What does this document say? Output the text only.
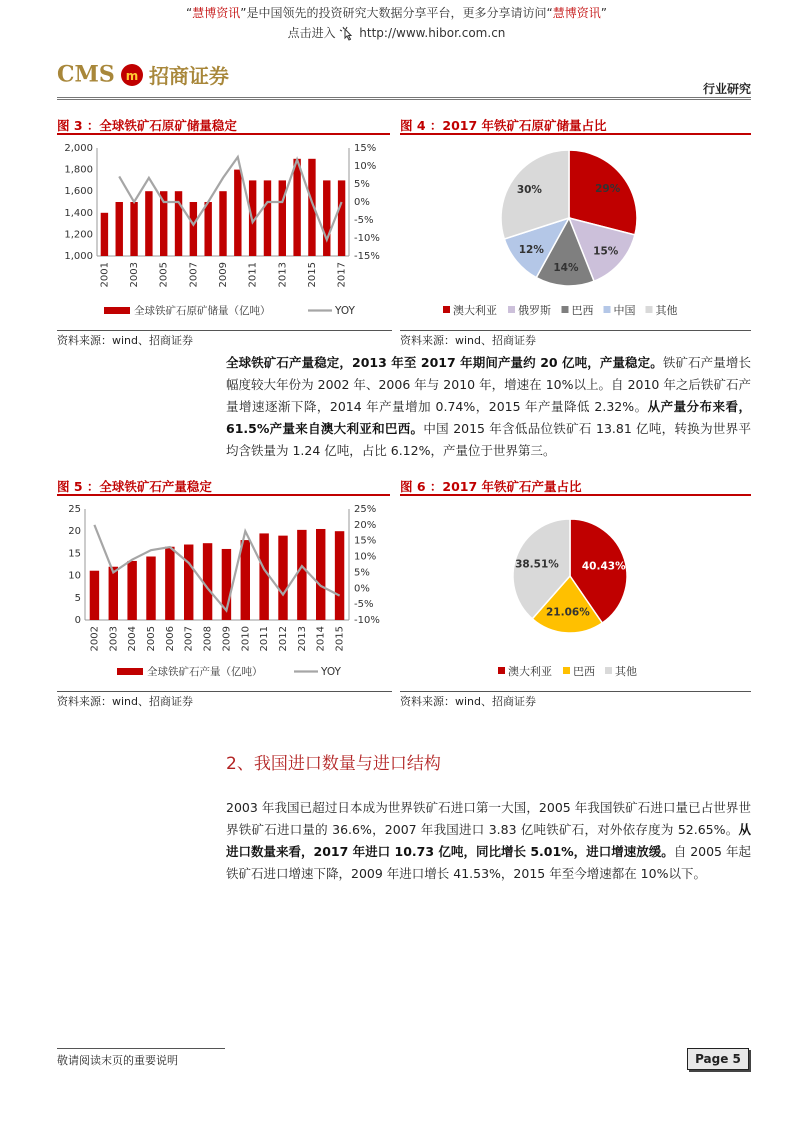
“慧博资讯”是中国领先的投资研究大数据分享平台，更多分享请访问“慧博资讯”
点击进入 http://www.hibor.com.cn
CMS m 招商证券
行业研究
图 3 ：全球铁矿石原矿储量稳定
1,000
1,200
1,400
1,600
1,800
2,000	15%
10%
5%
0%
-5%
-10%
-15%
2001 2003 2005 2007 2009 2011 2013 2015 2017
全球铁矿石原矿储量（亿吨）	YOY
资料来源：wind、招商证券
图 4 ：2017 年铁矿石原矿储量占比
29%
15%
14%
12%
30%
澳大利亚 俄罗斯 巴西 中国 其他
资料来源：wind、招商证券
全球铁矿石产量稳定，2013 年至 2017 年期间产量约 20 亿吨，产量稳定。铁矿石产量增长幅度较大年份为 2002 年、2006 年与 2010 年，增速在 10%以上。自 2010 年之后铁矿石产量增速逐渐下降，2014 年产量增加 0.74%，2015 年产量降低 2.32%。从产量分布来看，61.5%产量来自澳大利亚和巴西。中国 2015 年含低品位铁矿石 13.81 亿吨，转换为世界平均含铁量为 1.24 亿吨，占比 6.12%，产量位于世界第三。
图 5 ：全球铁矿石产量稳定
0
5
10
15
20
25	25%
20%
15%
10%
5%
0%
-5%
-10%
2002 2003 2004 2005 2006 2007 2008 2009 2010 2011 2012 2013 2014 2015
全球铁矿石产量（亿吨）	YOY
资料来源：wind、招商证券
图 6 ：2017 年铁矿石产量占比
40.43%
21.06%
38.51%
澳大利亚 巴西 其他
资料来源：wind、招商证券
2、我国进口数量与进口结构
2003 年我国已超过日本成为世界铁矿石进口第一大国，2005 年我国铁矿石进口量已占世界世界铁矿石进口量的 36.6%，2007 年我国进口 3.83 亿吨铁矿石，对外依存度为 52.65%。从进口数量来看，2017 年进口 10.73 亿吨，同比增长 5.01%，进口增速放缓。自 2005 年起铁矿石进口增速下降，2009 年进口增长 41.53%，2015 年至今增速都在 10%以下。
敬请阅读末页的重要说明	Page 5
